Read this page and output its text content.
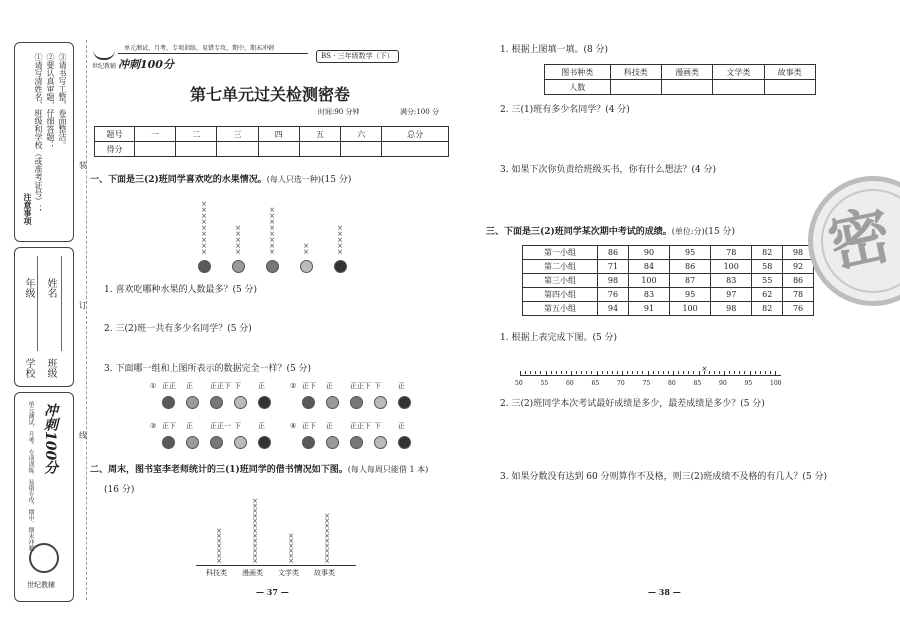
注意事项 ①请写清姓名、班级和学校（或准考证号）； ②要认真审题，仔细答题； ③请书写工整，卷面整洁。
学校 班级
年级 姓名
单元测试、月考、专项训练、易错专攻、期中、期末冲刺 冲刺100分
世纪教辅
装
订
线
世纪教辅 冲刺100分
单元测试、月考、专项训练、易错专攻、期中、期末冲刺
BS · 三年级数学（下）
第七单元过关检测密卷
时间:90 分钟	满分:100 分
题号	一	二	三	四	五	六	总分
得分							
一、下面是三(2)班同学喜欢吃的水果情况。(每人只选一种)(15 分)
×
×
×
×
×
×
×
×
×
×
×
×
×
×
×
×
×
×
×
×
×
×
×
×
×
×
×
×
×
1. 喜欢吃哪种水果的人数最多？(5 分)
2. 三(2)班一共有多少名同学？(5 分)
3. 下面哪一组和上图所表示的数据完全一样？(5 分)
① 正正 正 正正下 下 正	② 正下 正 正正下 下 正
③ 正下 正 正正一 下 正	④ 正下 正 正正下 下 正
二、周末，图书室李老师统计的三(1)班同学的借书情况如下图。(每人每周只能借 1 本)
(16 分)
×
×
×
×
×
×
×
科技类
×
×
×
×
×
×
×
×
×
×
×
×
×
漫画类
×
×
×
×
×
×
文学类
×
×
×
×
×
×
×
×
×
×
故事类
— 37 —
1. 根据上图填一填。(8 分)
图书种类	科技类	漫画类	文学类	故事类
人数				
2. 三(1)班有多少名同学？(4 分)
3. 如果下次你负责给班级买书，你有什么想法？(4 分)
三、下面是三(2)班同学某次期中考试的成绩。(单位:分)(15 分)
第一小组	86	90	95	78	82	98
第二小组	71	84	86	100	58	92
第三小组	98	100	87	83	55	86
第四小组	76	83	95	97	62	78
第五小组	94	91	100	98	82	76
1. 根据上表完成下图。(5 分)
50	55	60	65	70	75	80	85	90	95	100
×
2. 三(2)班同学本次考试最好成绩是多少，最差成绩是多少？(5 分)
3. 如果分数没有达到 60 分则算作不及格，则三(2)班成绩不及格的有几人？(5 分)
— 38 —
密
